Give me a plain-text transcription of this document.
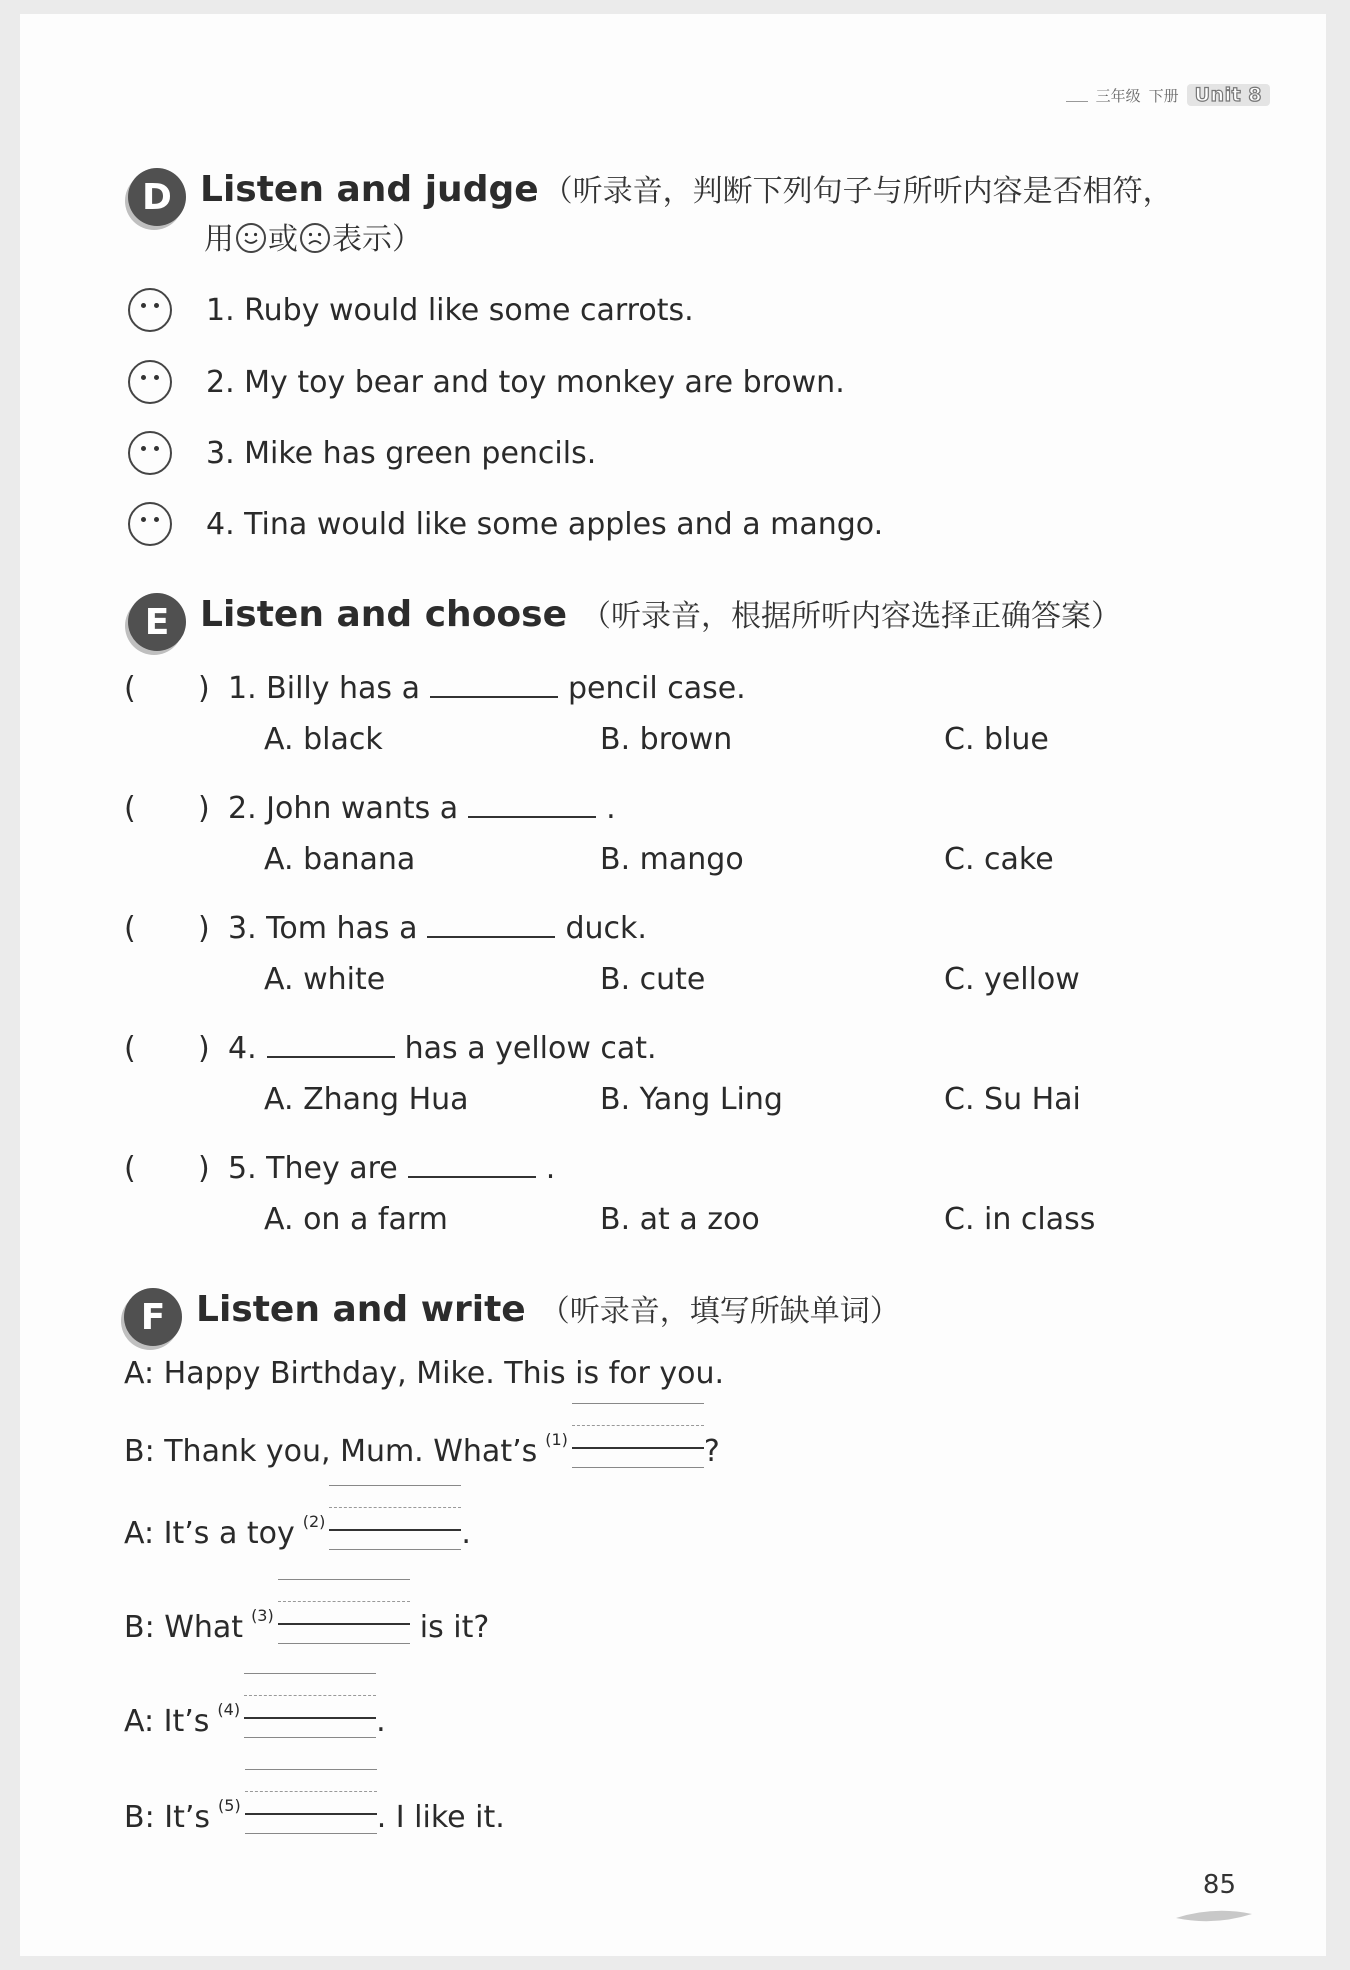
三年级 下册 Unit 8
D Listen and judge （听录音，判断下列句子与所听内容是否相符，
用 或 表示）
1. Ruby would like some carrots.
2. My toy bear and toy monkey are brown.
3. Mike has green pencils.
4. Tina would like some apples and a mango.
E Listen and choose （听录音，根据所听内容选择正确答案）
(	) 1. Billy has a	pencil case.
A. black	B. brown	C. blue
(	) 2. John wants a	.
A. banana	B. mango	C. cake
(	) 3. Tom has a	duck.
A. white	B. cute	C. yellow
(	) 4.	has a yellow cat.
A. Zhang Hua	B. Yang Ling	C. Su Hai
(	) 5. They are	.
A. on a farm	B. at a zoo	C. in class
F Listen and write （听录音，填写所缺单词）
A: Happy Birthday, Mike. This is for you.
B: Thank you, Mum. What’s (1)	?
A: It’s a toy (2)	.
B: What (3)	is it?
A: It’s (4)	.
B: It’s (5)	. I like it.
85
